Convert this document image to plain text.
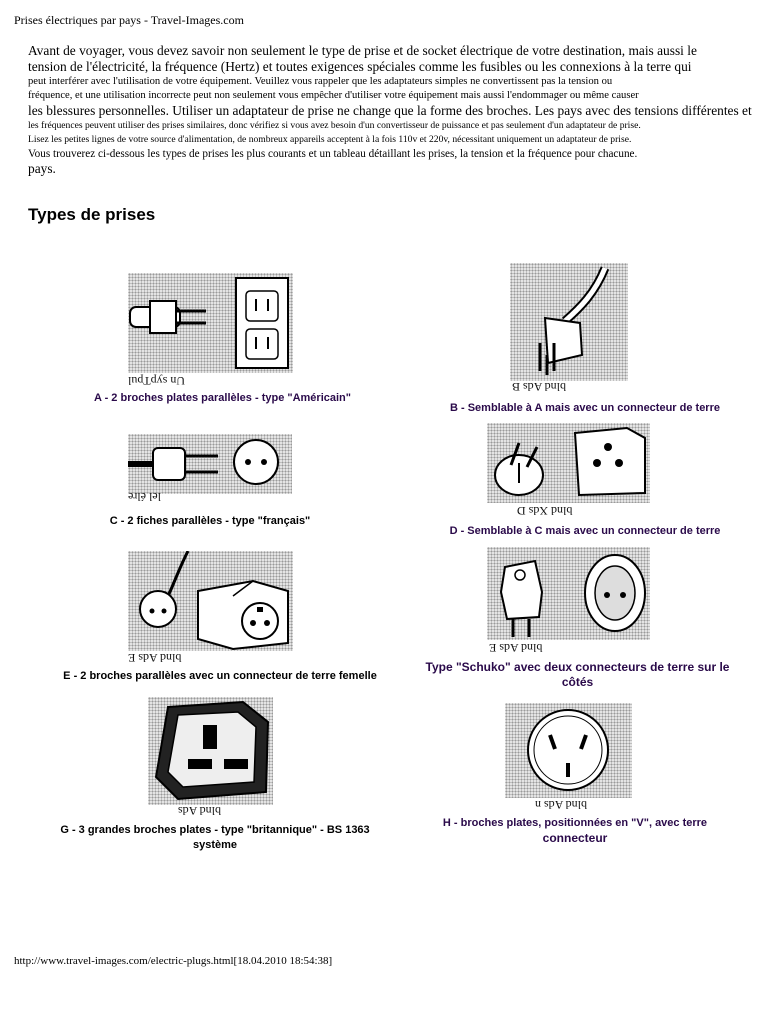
Prises électriques par pays - Travel-Images.com
Avant de voyager, vous devez savoir non seulement le type de prise et de socket électrique de votre destination, mais aussi le
tension de l'électricité, la fréquence (Hertz) et toutes exigences spéciales comme les fusibles ou les connexions à la terre qui
peut interférer avec l'utilisation de votre équipement. Veuillez vous rappeler que les adaptateurs simples ne convertissent pas la tension ou
fréquence, et une utilisation incorrecte peut non seulement vous empêcher d'utiliser votre équipement mais aussi l'endommager ou même causer
les blessures personnelles. Utiliser un adaptateur de prise ne change que la forme des broches. Les pays avec des tensions différentes et
les fréquences peuvent utiliser des prises similaires, donc vérifiez si vous avez besoin d'un convertisseur de puissance et pas seulement d'un adaptateur de prise.
Lisez les petites lignes de votre source d'alimentation, de nombreux appareils acceptent à la fois 110v et 220v, nécessitant uniquement un adaptateur de prise.
Vous trouverez ci-dessous les types de prises les plus courants et un tableau détaillant les prises, la tension et la fréquence pour chacune.
pays.
Types de prises
Un sypTpul
A - 2 broches plates parallèles - type "Américain"
blnd Ads B
B - Semblable à A mais avec un connecteur de terre
lel élre
C - 2 fiches parallèles - type "français"
blnd Xds D
D - Semblable à C mais avec un connecteur de terre
blnd Ads E
E - 2 broches parallèles avec un connecteur de terre femelle
blnd Ads E
Type "Schuko" avec deux connecteurs de terre sur le
côtés
blnd Ads
G - 3 grandes broches plates - type "britannique" - BS 1363
système
blnd Ads n
H - broches plates, positionnées en "V", avec terre
connecteur
http://www.travel-images.com/electric-plugs.html[18.04.2010 18:54:38]
